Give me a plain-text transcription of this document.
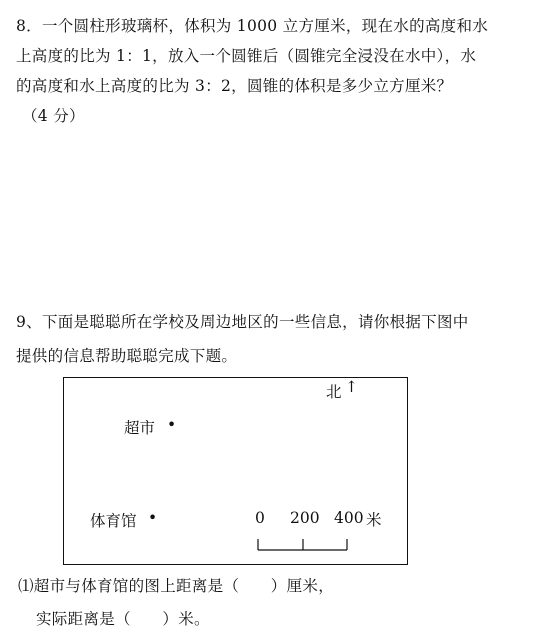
8．一个圆柱形玻璃杯，体积为 1000 立方厘米，现在水的高度和水
上高度的比为 1：1，放入一个圆锥后（圆锥完全浸没在水中），水
的高度和水上高度的比为 3：2，圆锥的体积是多少立方厘米？
（4 分）
9、下面是聪聪所在学校及周边地区的一些信息，请你根据下图中
提供的信息帮助聪聪完成下题。
北 ↑
超市 •
体育馆 •	0 200 400 米
⑴超市与体育馆的图上距离是（　　）厘米，
实际距离是（　　）米。
